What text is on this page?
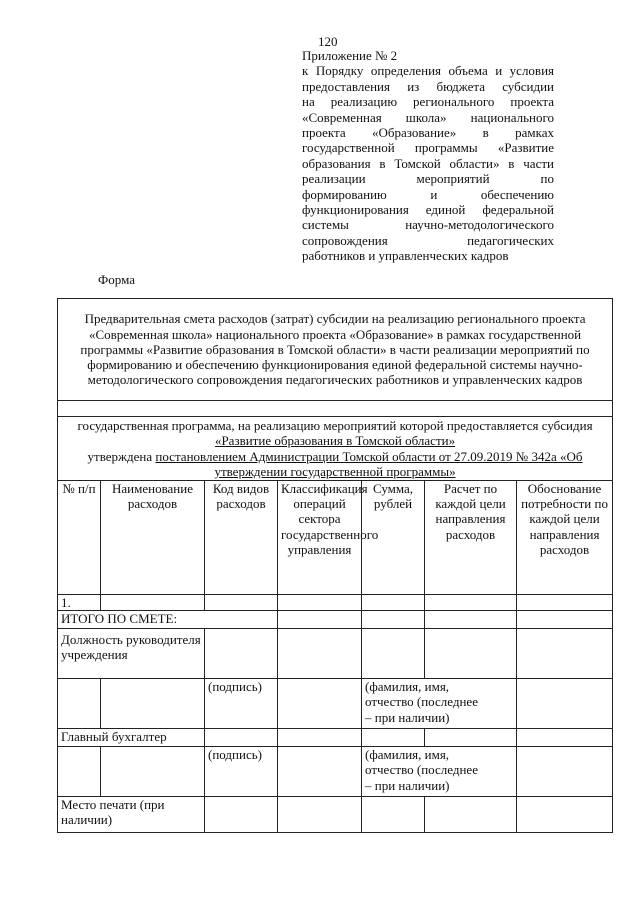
120
Приложение № 2
к Порядку определения объема и условия
предоставления из бюджета субсидии
на реализацию регионального проекта
«Современная школа» национального
проекта «Образование» в рамках
государственной программы «Развитие
образования в Томской области» в части
реализации мероприятий по
формированию и обеспечению
функционирования единой федеральной
системы научно-методологического
сопровождения педагогических
работников и управленческих кадров
Форма
Предварительная смета расходов (затрат) субсидии на реализацию регионального проекта «Современная школа» национального проекта «Образование» в рамках государственной программы «Развитие образования в Томской области» в части реализации мероприятий по формированию и обеспечению функционирования единой федеральной системы научно-методологического сопровождения педагогических работников и управленческих кадров						

государственная программа, на реализацию мероприятий которой предоставляется субсидия «Развитие образования в Томской области»
утверждена постановлением Администрации Томской области от 27.09.2019 № 342а «Об утверждении государственной программы»						
№ п/п	Наименование расходов	Код видов расходов	Классификация операций сектора государственного управления	Сумма, рублей	Расчет по каждой цели направления расходов	Обоснование потребности по каждой цели направления расходов
1.						
ИТОГО ПО СМЕТЕ:						
Должность руководителя учреждения						
		(подпись)		(фамилия, имя, отчество (последнее – при наличии)		
Главный бухгалтер						
		(подпись)		(фамилия, имя, отчество (последнее – при наличии)		
Место печати (при наличии)						
